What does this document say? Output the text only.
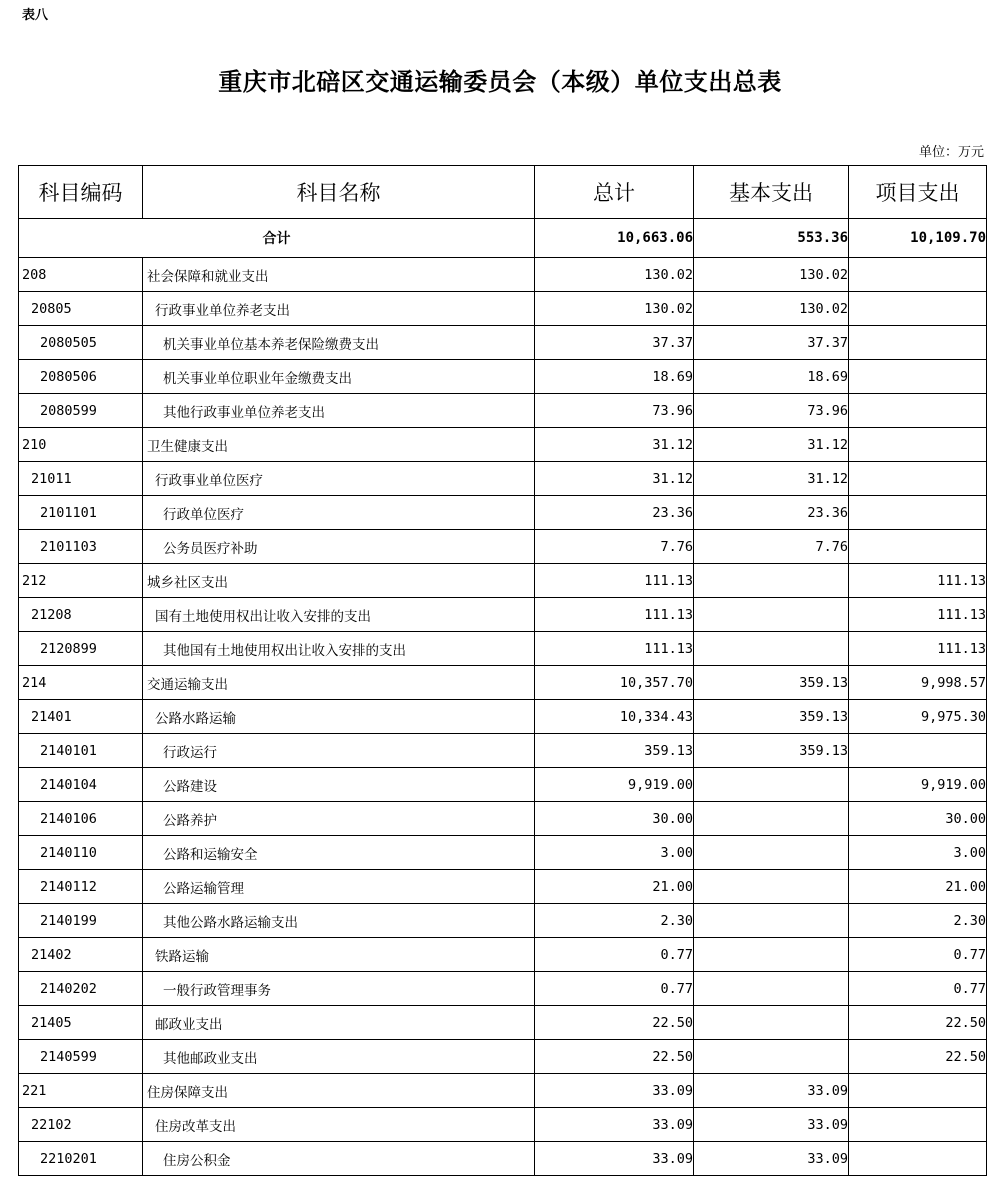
表八
重庆市北碚区交通运输委员会（本级）单位支出总表
单位：万元
科目编码	科目名称	总计	基本支出	项目支出
合计		10,663.06	553.36	10,109.70
208	社会保障和就业支出	130.02	130.02	
20805	行政事业单位养老支出	130.02	130.02	
2080505	机关事业单位基本养老保险缴费支出	37.37	37.37	
2080506	机关事业单位职业年金缴费支出	18.69	18.69	
2080599	其他行政事业单位养老支出	73.96	73.96	
210	卫生健康支出	31.12	31.12	
21011	行政事业单位医疗	31.12	31.12	
2101101	行政单位医疗	23.36	23.36	
2101103	公务员医疗补助	7.76	7.76	
212	城乡社区支出	111.13		111.13
21208	国有土地使用权出让收入安排的支出	111.13		111.13
2120899	其他国有土地使用权出让收入安排的支出	111.13		111.13
214	交通运输支出	10,357.70	359.13	9,998.57
21401	公路水路运输	10,334.43	359.13	9,975.30
2140101	行政运行	359.13	359.13	
2140104	公路建设	9,919.00		9,919.00
2140106	公路养护	30.00		30.00
2140110	公路和运输安全	3.00		3.00
2140112	公路运输管理	21.00		21.00
2140199	其他公路水路运输支出	2.30		2.30
21402	铁路运输	0.77		0.77
2140202	一般行政管理事务	0.77		0.77
21405	邮政业支出	22.50		22.50
2140599	其他邮政业支出	22.50		22.50
221	住房保障支出	33.09	33.09	
22102	住房改革支出	33.09	33.09	
2210201	住房公积金	33.09	33.09	
